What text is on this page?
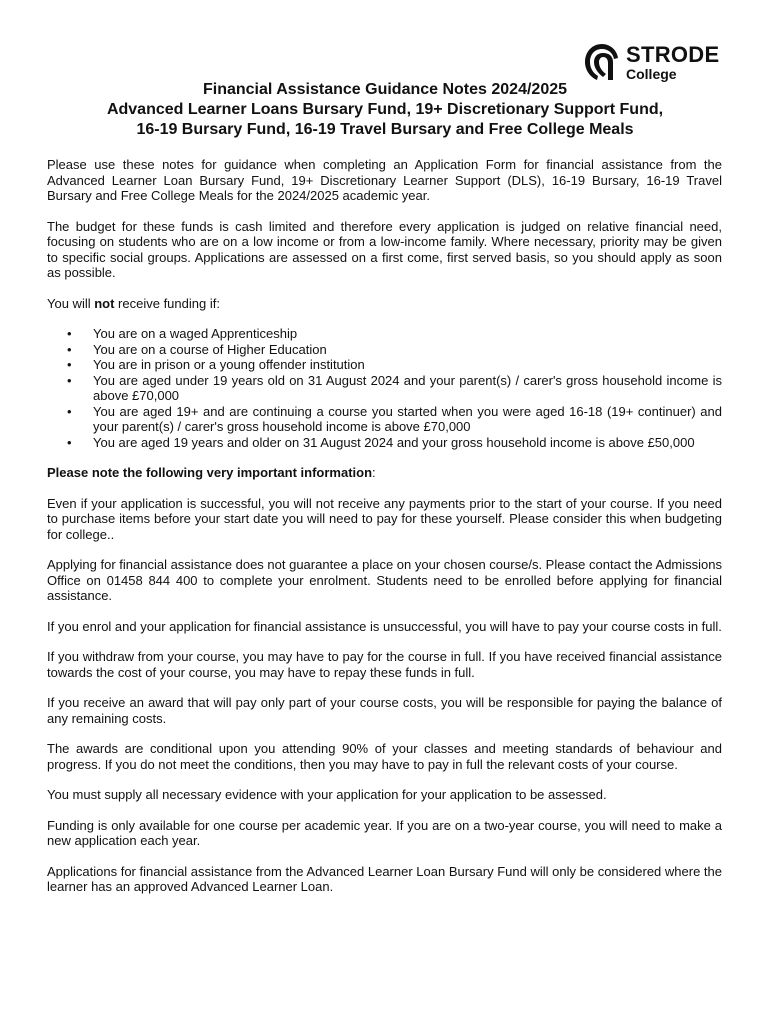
STRODE
College
Financial Assistance Guidance Notes 2024/2025
Advanced Learner Loans Bursary Fund, 19+ Discretionary Support Fund,
16-19 Bursary Fund, 16-19 Travel Bursary and Free College Meals

Please use these notes for guidance when completing an Application Form for financial assistance from the Advanced Learner Loan Bursary Fund, 19+ Discretionary Learner Support (DLS), 16-19 Bursary, 16-19 Travel Bursary and Free College Meals for the 2024/2025 academic year.

The budget for these funds is cash limited and therefore every application is judged on relative financial need, focusing on students who are on a low income or from a low-income family. Where necessary, priority may be given to specific social groups. Applications are assessed on a first come, first served basis, so you should apply as soon as possible.

You will not receive funding if:

• You are on a waged Apprenticeship
• You are on a course of Higher Education
• You are in prison or a young offender institution
• You are aged under 19 years old on 31 August 2024 and your parent(s) / carer's gross household income is above £70,000
• You are aged 19+ and are continuing a course you started when you were aged 16-18 (19+ continuer) and your parent(s) / carer's gross household income is above £70,000
• You are aged 19 years and older on 31 August 2024 and your gross household income is above £50,000

Please note the following very important information:

Even if your application is successful, you will not receive any payments prior to the start of your course. If you need to purchase items before your start date you will need to pay for these yourself. Please consider this when budgeting for college..

Applying for financial assistance does not guarantee a place on your chosen course/s. Please contact the Admissions Office on 01458 844 400 to complete your enrolment. Students need to be enrolled before applying for financial assistance.

If you enrol and your application for financial assistance is unsuccessful, you will have to pay your course costs in full.

If you withdraw from your course, you may have to pay for the course in full. If you have received financial assistance towards the cost of your course, you may have to repay these funds in full.

If you receive an award that will pay only part of your course costs, you will be responsible for paying the balance of any remaining costs.

The awards are conditional upon you attending 90% of your classes and meeting standards of behaviour and progress. If you do not meet the conditions, then you may have to pay in full the relevant costs of your course.

You must supply all necessary evidence with your application for your application to be assessed.

Funding is only available for one course per academic year. If you are on a two-year course, you will need to make a new application each year.

Applications for financial assistance from the Advanced Learner Loan Bursary Fund will only be considered where the learner has an approved Advanced Learner Loan.
